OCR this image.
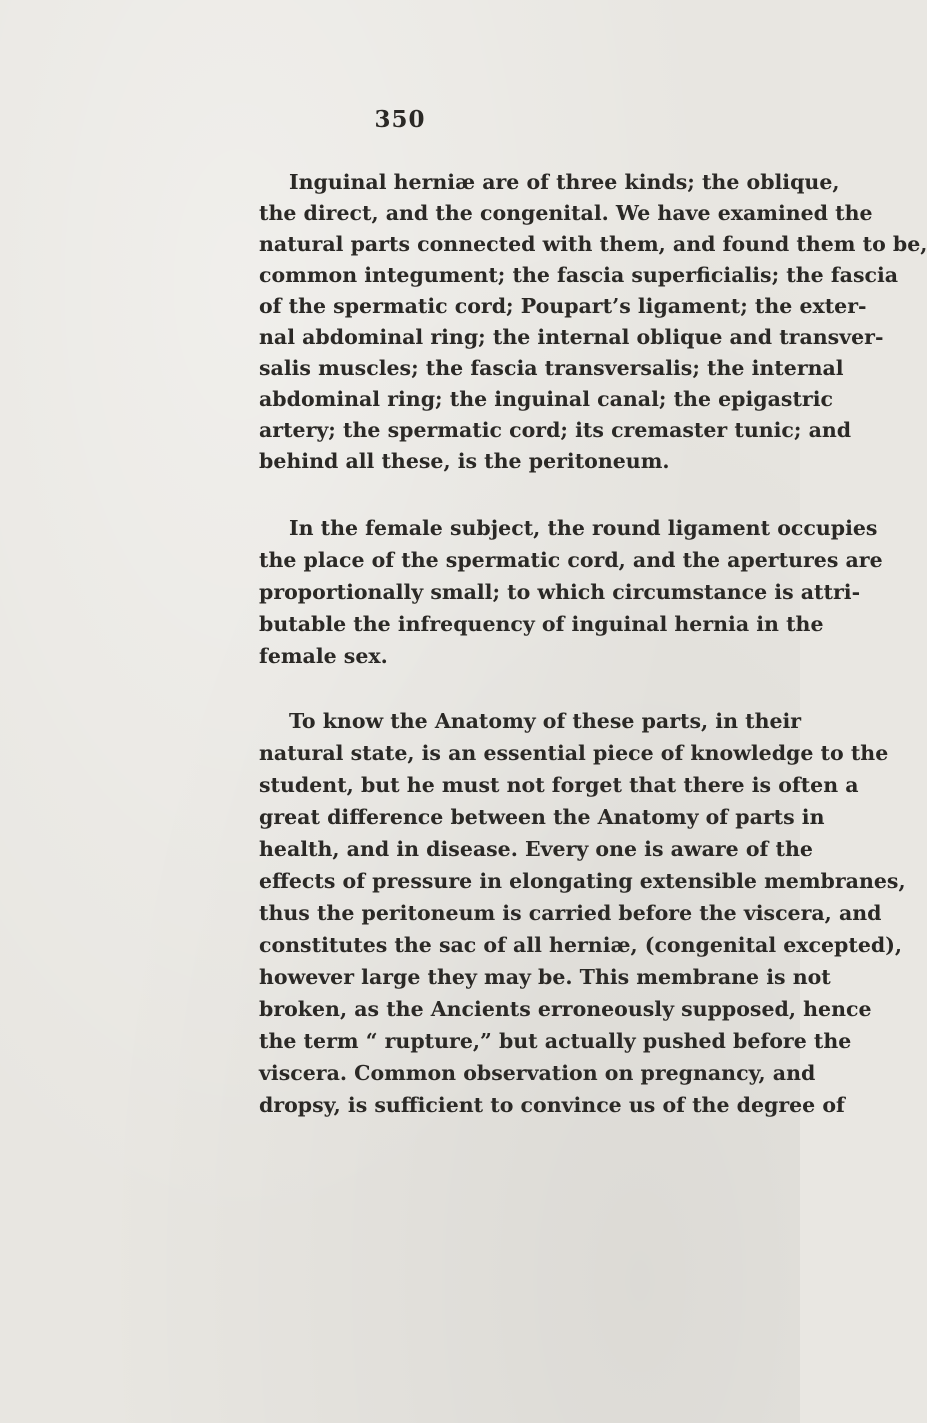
350
Inguinal herniæ are of three kinds; the oblique,
the direct, and the congenital. We have examined the
natural parts connected with them, and found them to be,
common integument; the fascia superficialis; the fascia
of the spermatic cord; Poupart’s ligament; the exter-
nal abdominal ring; the internal oblique and transver-
salis muscles; the fascia transversalis; the internal
abdominal ring; the inguinal canal; the epigastric
artery; the spermatic cord; its cremaster tunic; and
behind all these, is the peritoneum.
In the female subject, the round ligament occupies
the place of the spermatic cord, and the apertures are
proportionally small; to which circumstance is attri-
butable the infrequency of inguinal hernia in the
female sex.
To know the Anatomy of these parts, in their
natural state, is an essential piece of knowledge to the
student, but he must not forget that there is often a
great difference between the Anatomy of parts in
health, and in disease. Every one is aware of the
effects of pressure in elongating extensible membranes,
thus the peritoneum is carried before the viscera, and
constitutes the sac of all herniæ, (congenital excepted),
however large they may be. This membrane is not
broken, as the Ancients erroneously supposed, hence
the term “ rupture,” but actually pushed before the
viscera. Common observation on pregnancy, and
dropsy, is sufficient to convince us of the degree of
